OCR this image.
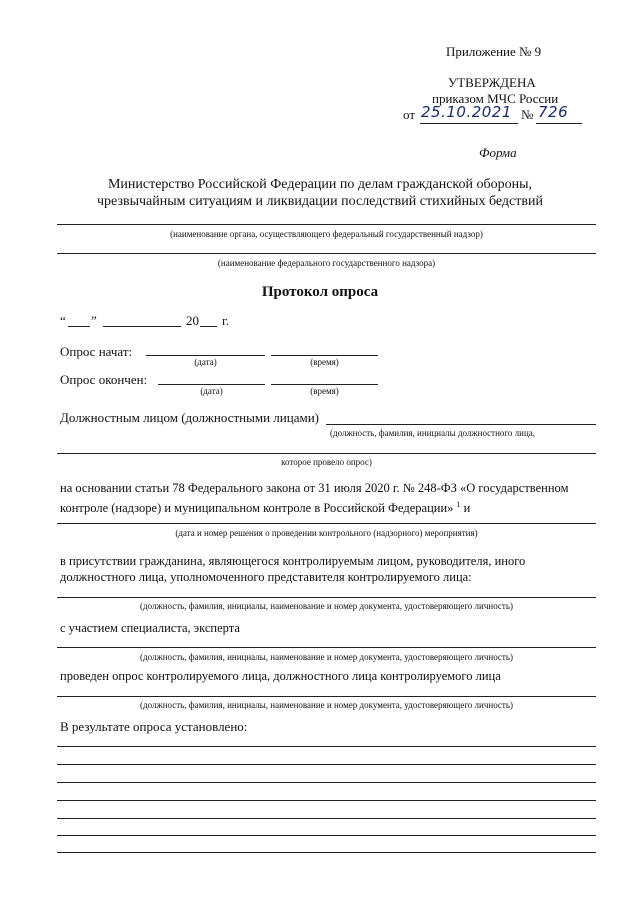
Приложение № 9
УТВЕРЖДЕНА
приказом МЧС России
от 25.10.2021 № 726
Форма
Министерство Российской Федерации по делам гражданской обороны,
чрезвычайным ситуациям и ликвидации последствий стихийных бедствий
(наименование органа, осуществляющего федеральный государственный надзор)
(наименование федерального государственного надзора)
Протокол опроса
“ ”	20 г.
Опрос начат:
(дата)	(время)
Опрос окончен:
(дата)	(время)
Должностным лицом (должностными лицами)
(должность, фамилия, инициалы должностного лица,
которое провело опрос)
на основании статьи 78 Федерального закона от 31 июля 2020 г. № 248-ФЗ «О государственном
контроле (надзоре) и муниципальном контроле в Российской Федерации» $^1$ и
(дата и номер решения о проведении контрольного (надзорного) мероприятия)
в присутствии гражданина, являющегося контролируемым лицом, руководителя, иного
должностного лица, уполномоченного представителя контролируемого лица:
(должность, фамилия, инициалы, наименование и номер документа, удостоверяющего личность)
с участием специалиста, эксперта
(должность, фамилия, инициалы, наименование и номер документа, удостоверяющего личность)
проведен опрос контролируемого лица, должностного лица контролируемого лица
(должность, фамилия, инициалы, наименование и номер документа, удостоверяющего личность)
В результате опроса установлено:
